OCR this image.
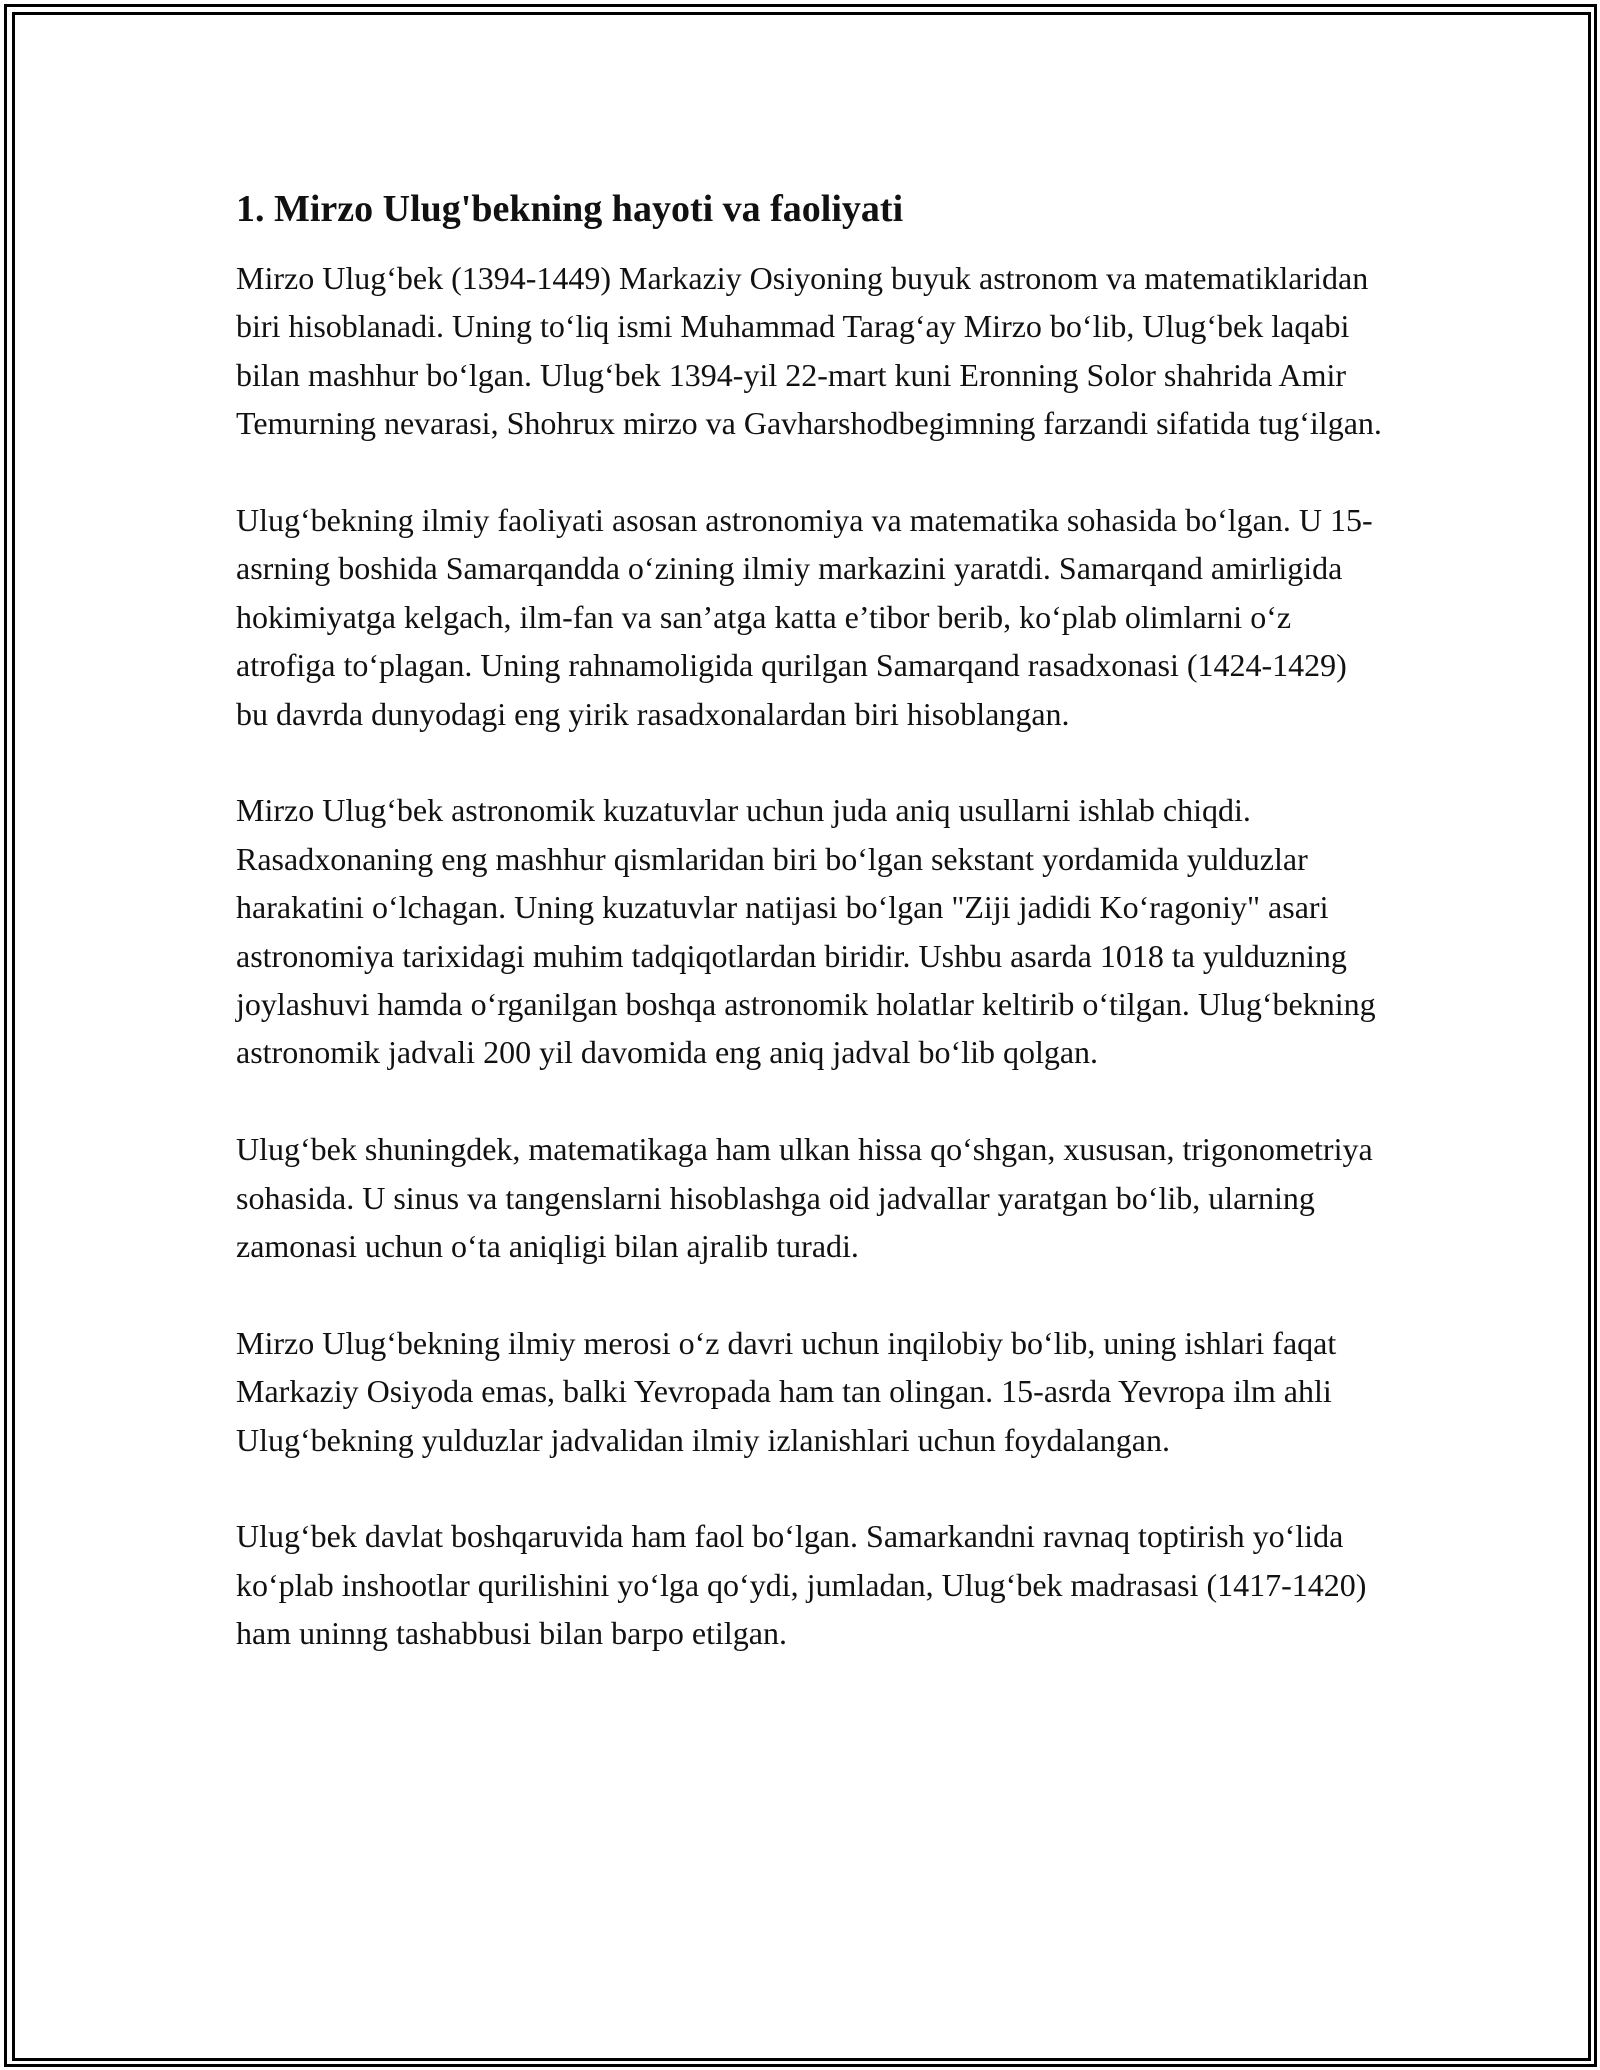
1. Mirzo Ulug'bekning hayoti va faoliyati

Mirzo Ulug‘bek (1394-1449) Markaziy Osiyoning buyuk astronom va matematiklaridan biri hisoblanadi. Uning to‘liq ismi Muhammad Tarag‘ay Mirzo bo‘lib, Ulug‘bek laqabi bilan mashhur bo‘lgan. Ulug‘bek 1394-yil 22-mart kuni Eronning Solor shahrida Amir Temurning nevarasi, Shohrux mirzo va Gavharshodbegimning farzandi sifatida tug‘ilgan.

Ulug‘bekning ilmiy faoliyati asosan astronomiya va matematika sohasida bo‘lgan. U 15-asrning boshida Samarqandda o‘zining ilmiy markazini yaratdi. Samarqand amirligida hokimiyatga kelgach, ilm-fan va san’atga katta e’tibor berib, ko‘plab olimlarni o‘z atrofiga to‘plagan. Uning rahnamoligida qurilgan Samarqand rasadxonasi (1424-1429) bu davrda dunyodagi eng yirik rasadxonalardan biri hisoblangan.

Mirzo Ulug‘bek astronomik kuzatuvlar uchun juda aniq usullarni ishlab chiqdi. Rasadxonaning eng mashhur qismlaridan biri bo‘lgan sekstant yordamida yulduzlar harakatini o‘lchagan. Uning kuzatuvlar natijasi bo‘lgan "Ziji jadidi Ko‘ragoniy" asari astronomiya tarixidagi muhim tadqiqotlardan biridir. Ushbu asarda 1018 ta yulduzning joylashuvi hamda o‘rganilgan boshqa astronomik holatlar keltirib o‘tilgan. Ulug‘bekning astronomik jadvali 200 yil davomida eng aniq jadval bo‘lib qolgan.

Ulug‘bek shuningdek, matematikaga ham ulkan hissa qo‘shgan, xususan, trigonometriya sohasida. U sinus va tangenslarni hisoblashga oid jadvallar yaratgan bo‘lib, ularning zamonasi uchun o‘ta aniqligi bilan ajralib turadi.

Mirzo Ulug‘bekning ilmiy merosi o‘z davri uchun inqilobiy bo‘lib, uning ishlari faqat Markaziy Osiyoda emas, balki Yevropada ham tan olingan. 15-asrda Yevropa ilm ahli Ulug‘bekning yulduzlar jadvalidan ilmiy izlanishlari uchun foydalangan.

Ulug‘bek davlat boshqaruvida ham faol bo‘lgan. Samarkandni ravnaq toptirish yo‘lida ko‘plab inshootlar qurilishini yo‘lga qo‘ydi, jumladan, Ulug‘bek madrasasi (1417-1420) ham uninng tashabbusi bilan barpo etilgan.
